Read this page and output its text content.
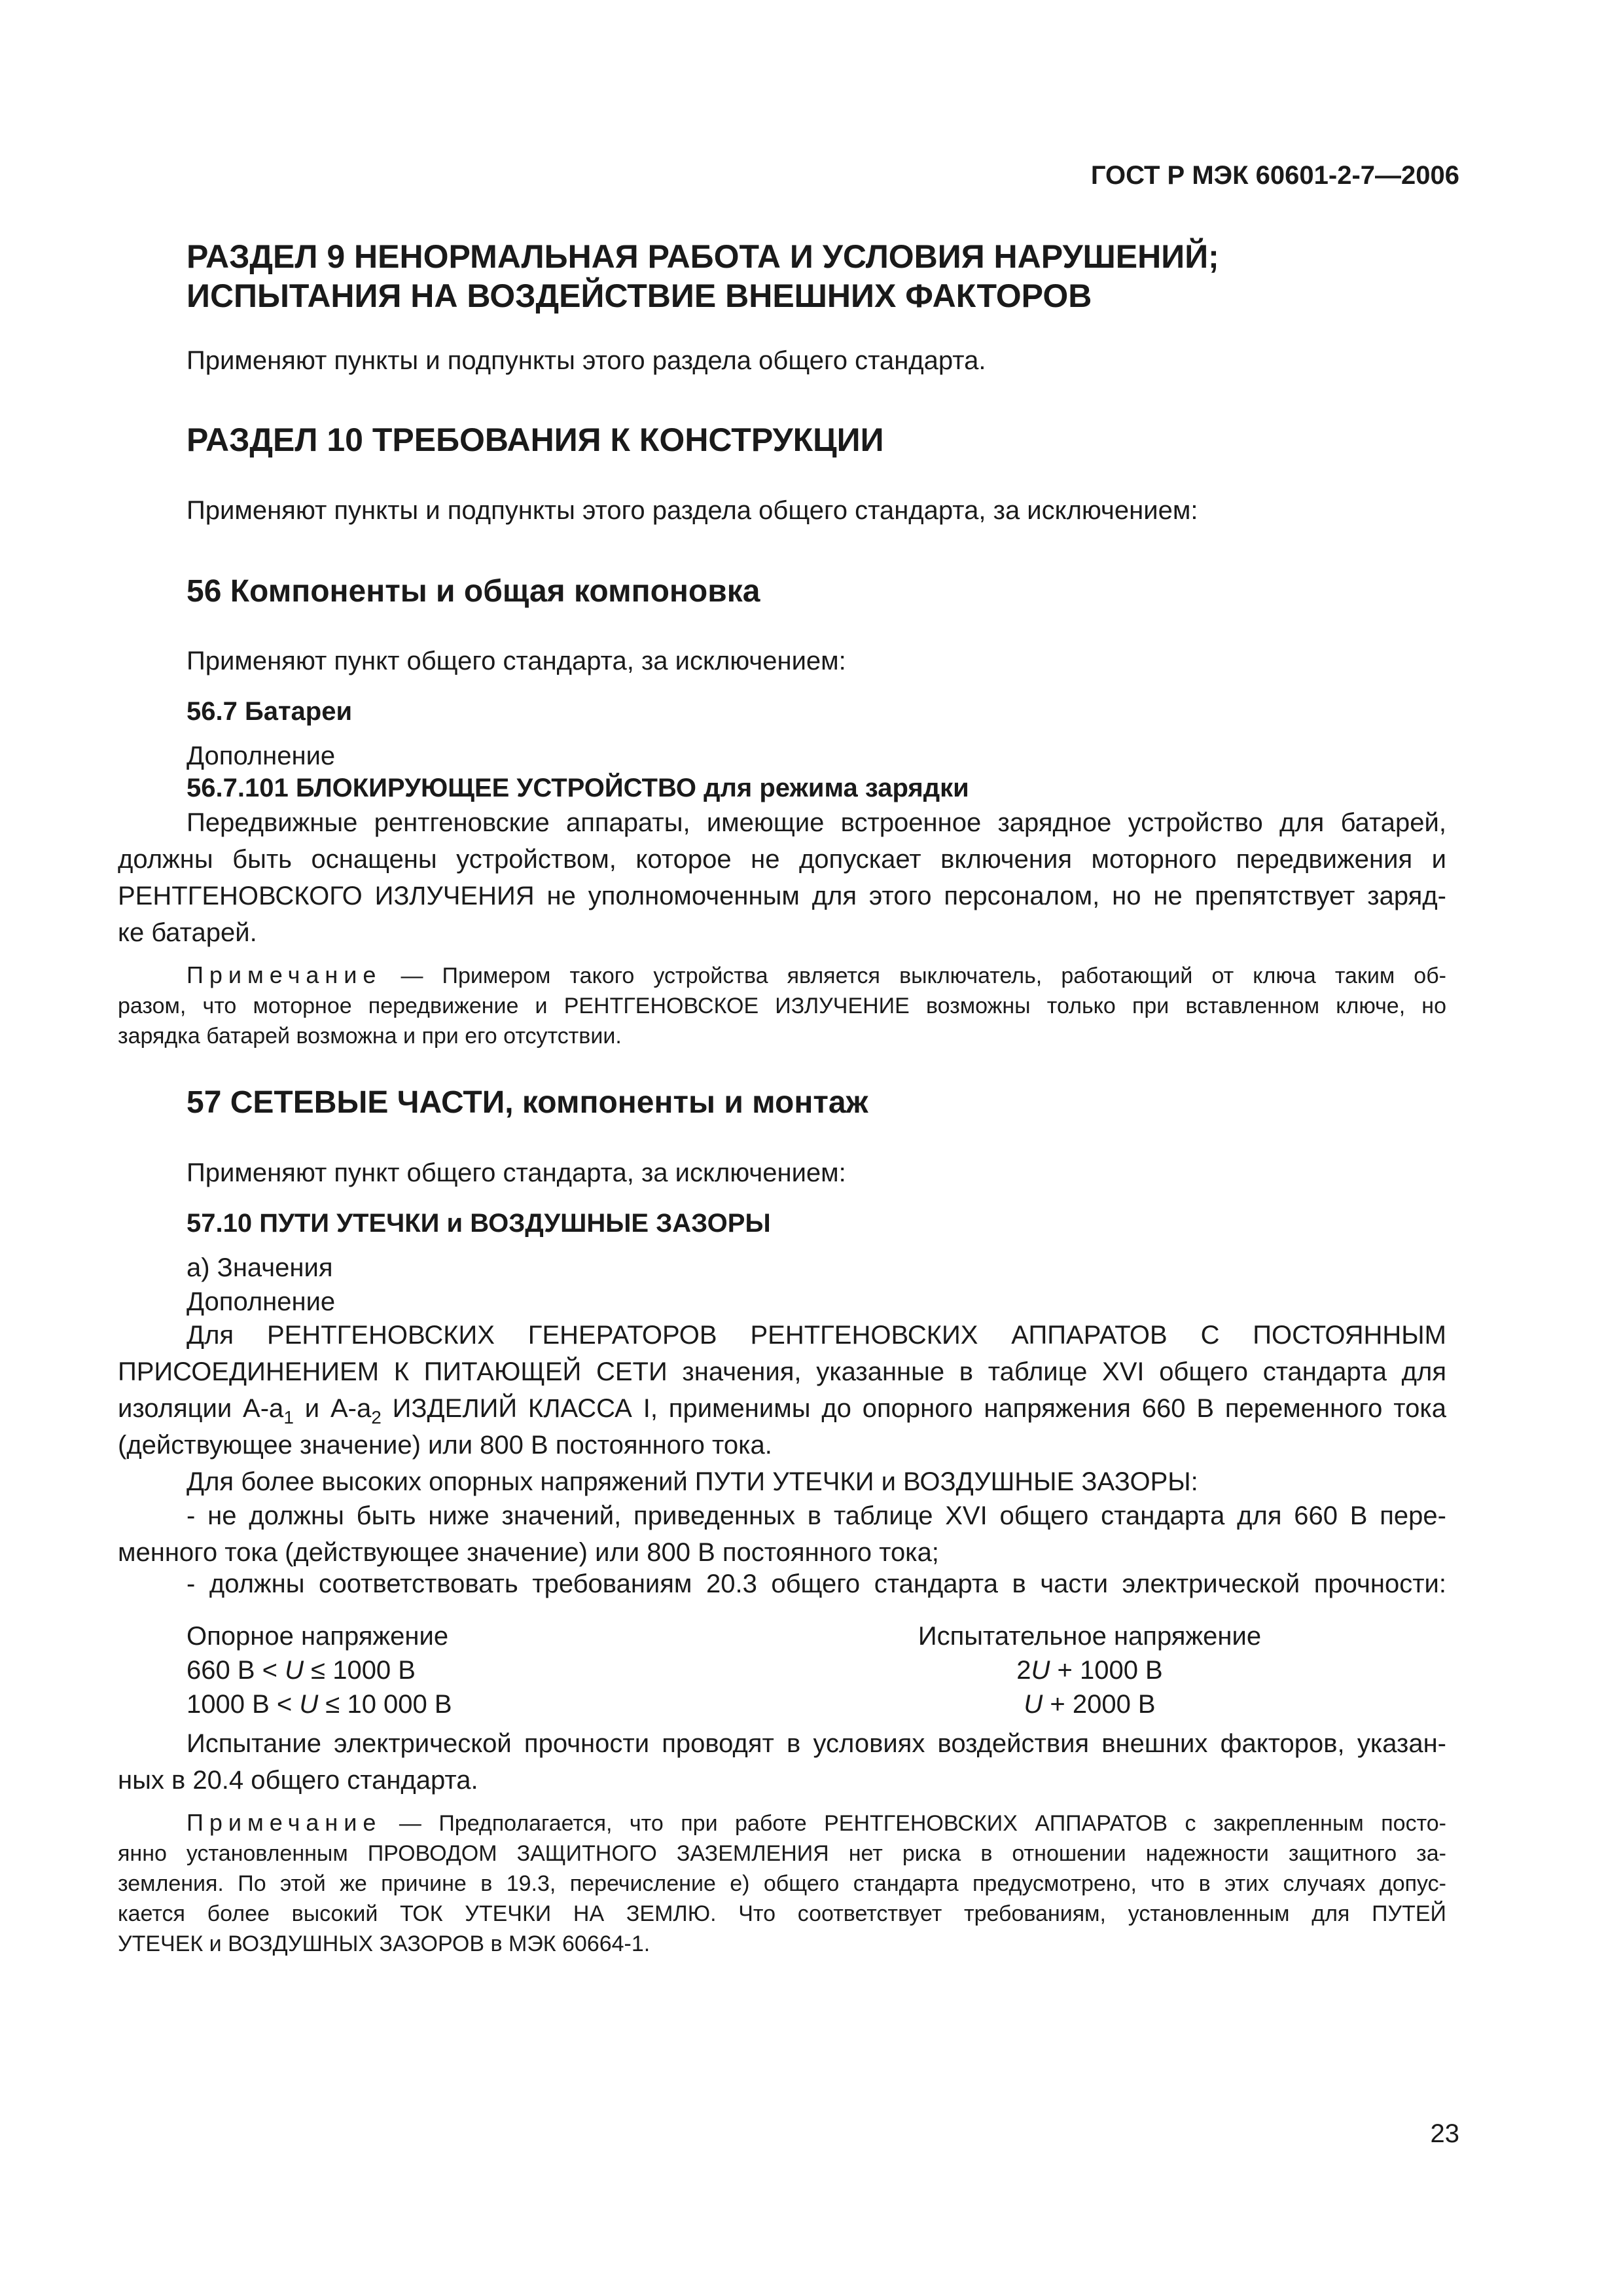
ГОСТ Р МЭК 60601-2-7—2006
РАЗДЕЛ 9 НЕНОРМАЛЬНАЯ РАБОТА И УСЛОВИЯ НАРУШЕНИЙ;
ИСПЫТАНИЯ НА ВОЗДЕЙСТВИЕ ВНЕШНИХ ФАКТОРОВ
Применяют пункты и подпункты этого раздела общего стандарта.
РАЗДЕЛ 10 ТРЕБОВАНИЯ К КОНСТРУКЦИИ
Применяют пункты и подпункты этого раздела общего стандарта, за исключением:
56 Компоненты и общая компоновка
Применяют пункт общего стандарта, за исключением:
56.7 Батареи
Дополнение
56.7.101 БЛОКИРУЮЩЕЕ УСТРОЙСТВО для режима зарядки
Передвижные рентгеновские аппараты, имеющие встроенное зарядное устройство для батарей,
должны быть оснащены устройством, которое не допускает включения моторного передвижения и
РЕНТГЕНОВСКОГО ИЗЛУЧЕНИЯ не уполномоченным для этого персоналом, но не препятствует заряд-
ке батарей.
Примечание — Примером такого устройства является выключатель, работающий от ключа таким об-
разом, что моторное передвижение и РЕНТГЕНОВСКОЕ ИЗЛУЧЕНИЕ возможны только при вставленном ключе, но
зарядка батарей возможна и при его отсутствии.
57 СЕТЕВЫЕ ЧАСТИ, компоненты и монтаж
Применяют пункт общего стандарта, за исключением:
57.10 ПУТИ УТЕЧКИ и ВОЗДУШНЫЕ ЗАЗОРЫ
а) Значения
Дополнение
Для РЕНТГЕНОВСКИХ ГЕНЕРАТОРОВ РЕНТГЕНОВСКИХ АППАРАТОВ С ПОСТОЯННЫМ
ПРИСОЕДИНЕНИЕМ К ПИТАЮЩЕЙ СЕТИ значения, указанные в таблице XVI общего стандарта для
изоляции $А-а_1$ и $А-а_2$ ИЗДЕЛИЙ КЛАССА I, применимы до опорного напряжения 660 В переменного тока
(действующее значение) или 800 В постоянного тока.
Для более высоких опорных напряжений ПУТИ УТЕЧКИ и ВОЗДУШНЫЕ ЗАЗОРЫ:
- не должны быть ниже значений, приведенных в таблице XVI общего стандарта для 660 В пере-
менного тока (действующее значение) или 800 В постоянного тока;
- должны соответствовать требованиям 20.3 общего стандарта в части электрической прочности:
Опорное напряжение	Испытательное напряжение
660 В < U ≤ 1000 В	2U + 1000 В
1000 В < U ≤ 10 000 В	U + 2000 В
Испытание электрической прочности проводят в условиях воздействия внешних факторов, указан-
ных в 20.4 общего стандарта.
Примечание — Предполагается, что при работе РЕНТГЕНОВСКИХ АППАРАТОВ с закрепленным посто-
янно установленным ПРОВОДОМ ЗАЩИТНОГО ЗАЗЕМЛЕНИЯ нет риска в отношении надежности защитного за-
земления. По этой же причине в 19.3, перечисление е) общего стандарта предусмотрено, что в этих случаях допус-
кается более высокий ТОК УТЕЧКИ НА ЗЕМЛЮ. Что соответствует требованиям, установленным для ПУТЕЙ
УТЕЧЕК и ВОЗДУШНЫХ ЗАЗОРОВ в МЭК 60664-1.
23
